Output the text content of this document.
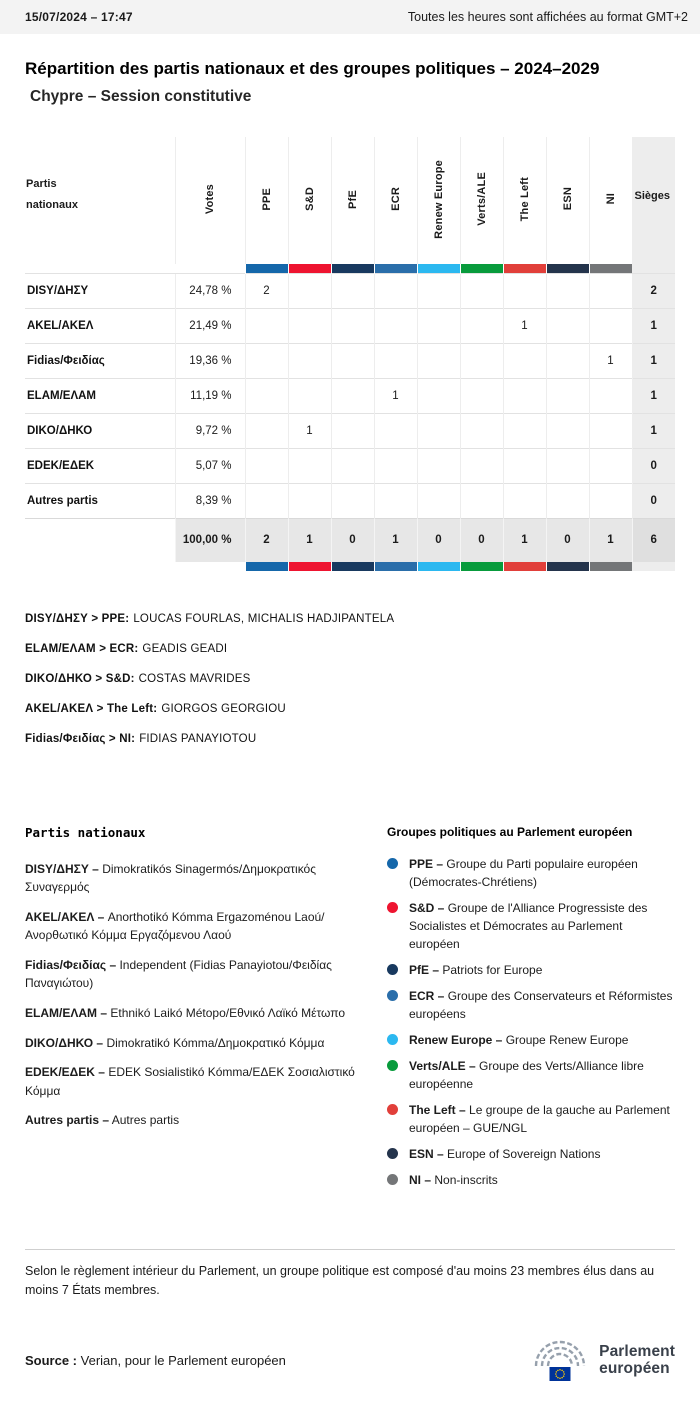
15/07/2024 – 17:47	Toutes les heures sont affichées au format GMT+2
Répartition des partis nationaux et des groupes politiques – 2024–2029
Chypre – Session constitutive
Partis nationaux	Votes	PPE	S&D	PfE	ECR	Renew Europe	Verts/ALE	The Left	ESN	NI	Sièges

DISY/ΔΗΣΥ	24,78 %	2									2
AKEL/ΑΚΕΛ	21,49 %							1			1
Fidias/Φειδίας	19,36 %									1	1
ELAM/ΕΛΑΜ	11,19 %				1						1
DIKO/ΔΗΚΟ	9,72 %		1								1
EDEK/ΕΔΕΚ	5,07 %										0
Autres partis	8,39 %										0
	100,00 %	2	1	0	1	0	0	1	0	1	6

DISY/ΔΗΣΥ > PPE: LOUCAS FOURLAS, MICHALIS HADJIPANTELA

ELAM/ΕΛΑΜ > ECR: GEADIS GEADI

DIKO/ΔΗΚΟ > S&D: COSTAS MAVRIDES

AKEL/ΑΚΕΛ > The Left: GIORGOS GEORGIOU

Fidias/Φειδίας > NI: FIDIAS PANAYIOTOU

Partis nationaux

DISY/ΔΗΣΥ – Dimokratikós Sinagermós/Δημοκρατικός Συναγερμός

AKEL/ΑΚΕΛ – Anorthotikó Kómma Ergazoménou Laoú/Ανορθωτικό Κόμμα Εργαζόμενου Λαού

Fidias/Φειδίας – Independent (Fidias Panayiotou/Φειδίας Παναγιώτου)

ELAM/ΕΛΑΜ – Ethnikó Laikó Métopo/Εθνικό Λαϊκό Μέτωπο

DIKO/ΔΗΚΟ – Dimokratikó Kómma/Δημοκρατικό Κόμμα

EDEK/ΕΔΕΚ – EDEK Sosialistikó Kómma/ΕΔΕΚ Σοσιαλιστικό Κόμμα

Autres partis – Autres partis

Groupes politiques au Parlement européen

PPE – Groupe du Parti populaire européen (Démocrates-Chrétiens)

S&D – Groupe de l'Alliance Progressiste des Socialistes et Démocrates au Parlement européen

PfE – Patriots for Europe

ECR – Groupe des Conservateurs et Réformistes européens

Renew Europe – Groupe Renew Europe

Verts/ALE – Groupe des Verts/Alliance libre européenne

The Left – Le groupe de la gauche au Parlement européen – GUE/NGL

ESN – Europe of Sovereign Nations

NI – Non-inscrits

Selon le règlement intérieur du Parlement, un groupe politique est composé d'au moins 23 membres élus dans au moins 7 États membres.

Source : Verian, pour le Parlement européen

Parlement
européen
